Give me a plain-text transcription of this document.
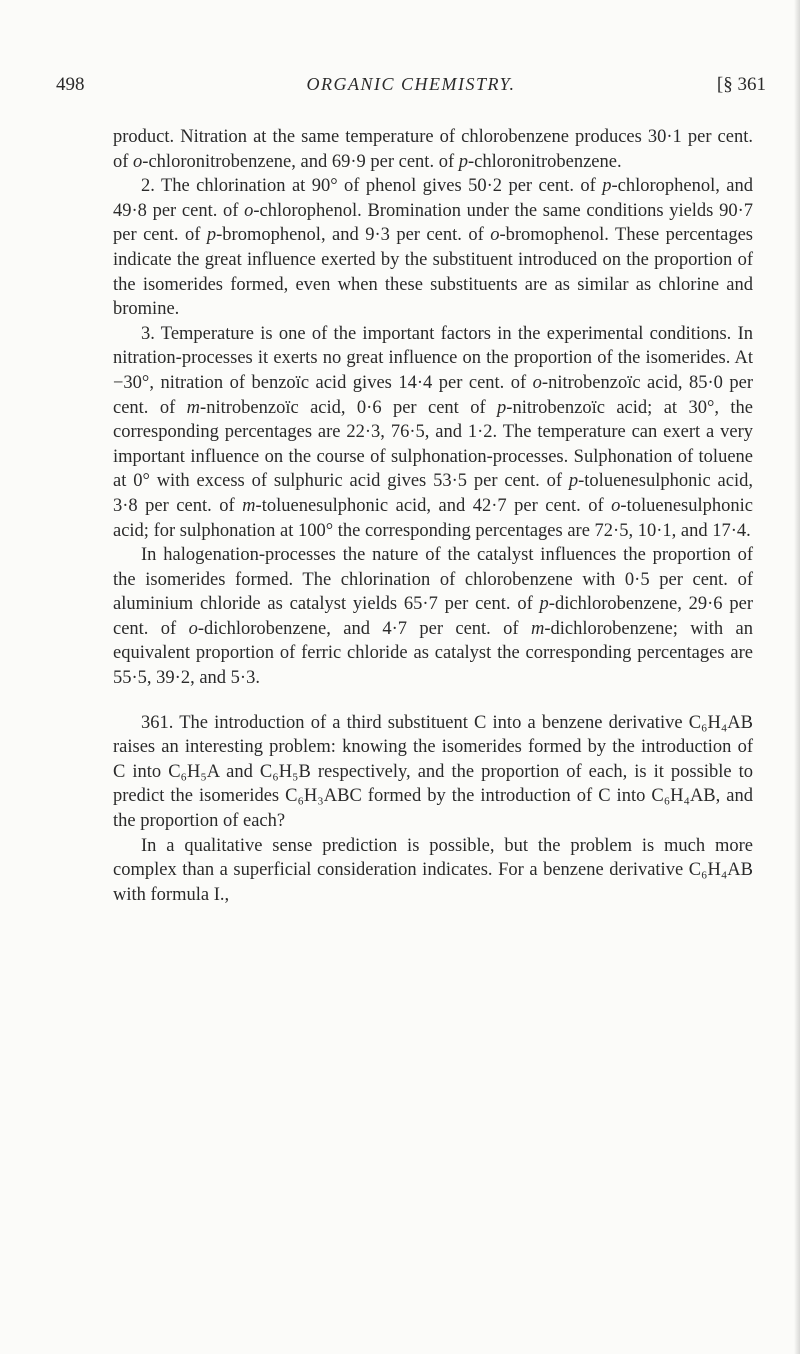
498	ORGANIC CHEMISTRY.	[§ 361

product. Nitration at the same temperature of chlorobenzene produces 30·1 per cent. of o-chloronitrobenzene, and 69·9 per cent. of p-chloronitrobenzene.

2. The chlorination at 90° of phenol gives 50·2 per cent. of p-chlorophenol, and 49·8 per cent. of o-chlorophenol. Bromination under the same conditions yields 90·7 per cent. of p-bromophenol, and 9·3 per cent. of o-bromophenol. These percentages indicate the great influence exerted by the substituent introduced on the proportion of the isomerides formed, even when these substituents are as similar as chlorine and bromine.

3. Temperature is one of the important factors in the experimental conditions. In nitration-processes it exerts no great influence on the proportion of the isomerides. At −30°, nitration of benzoïc acid gives 14·4 per cent. of o-nitrobenzoïc acid, 85·0 per cent. of m-nitrobenzoïc acid, 0·6 per cent of p-nitrobenzoïc acid; at 30°, the corresponding percentages are 22·3, 76·5, and 1·2. The temperature can exert a very important influence on the course of sulphonation-processes. Sulphonation of toluene at 0° with excess of sulphuric acid gives 53·5 per cent. of p-toluenesulphonic acid, 3·8 per cent. of m-toluenesulphonic acid, and 42·7 per cent. of o-toluenesulphonic acid; for sulphonation at 100° the corresponding percentages are 72·5, 10·1, and 17·4.

In halogenation-processes the nature of the catalyst influences the proportion of the isomerides formed. The chlorination of chlorobenzene with 0·5 per cent. of aluminium chloride as catalyst yields 65·7 per cent. of p-dichlorobenzene, 29·6 per cent. of o-dichlorobenzene, and 4·7 per cent. of m-dichlorobenzene; with an equivalent proportion of ferric chloride as catalyst the corresponding percentages are 55·5, 39·2, and 5·3.

361. The introduction of a third substituent C into a benzene derivative C₆H₄AB raises an interesting problem: knowing the isomerides formed by the introduction of C into C₆H₅A and C₆H₅B respectively, and the proportion of each, is it possible to predict the isomerides C₆H₃ABC formed by the introduction of C into C₆H₄AB, and the proportion of each?

In a qualitative sense prediction is possible, but the problem is much more complex than a superficial consideration indicates. For a benzene derivative C₆H₄AB with formula I.,
